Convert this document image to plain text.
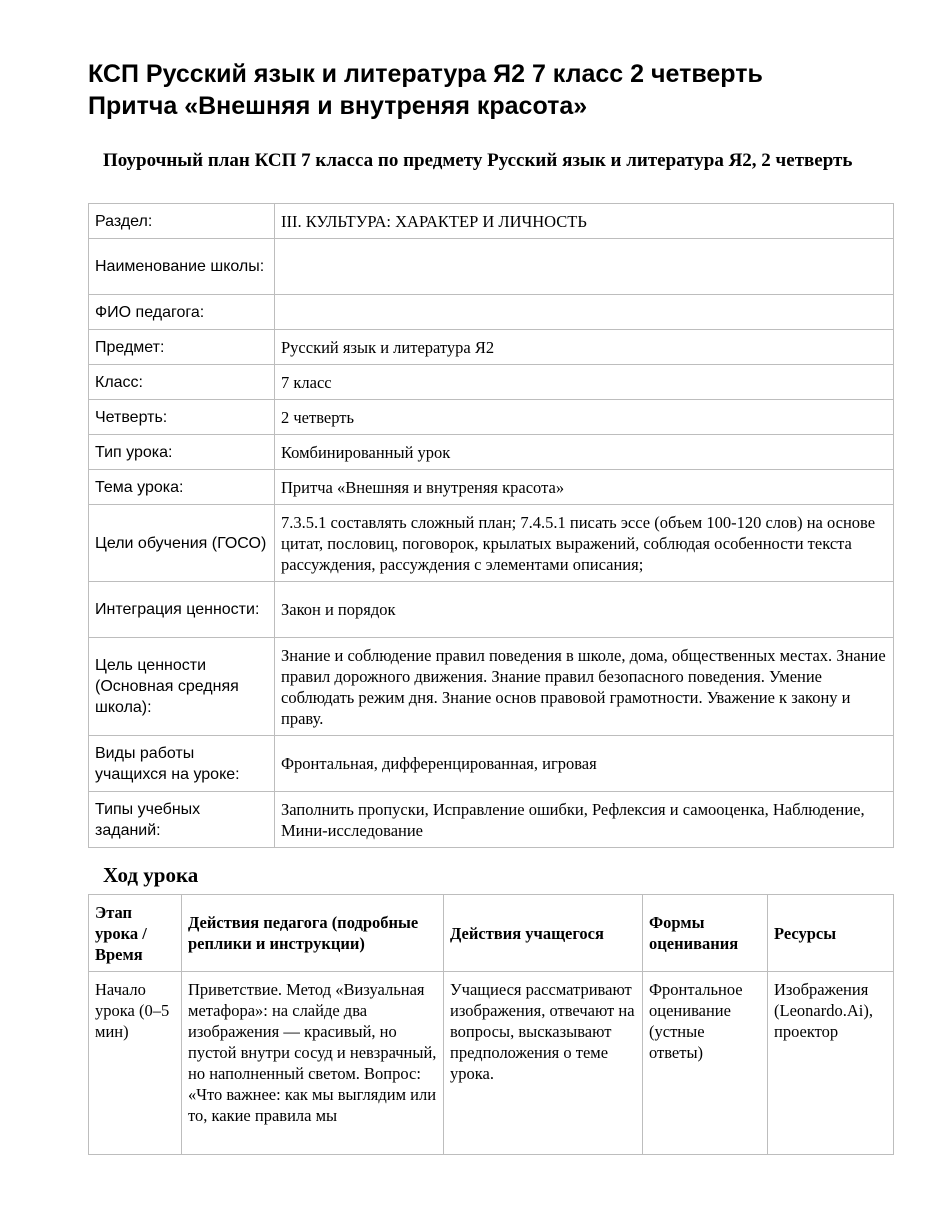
КСП Русский язык и литература Я2 7 класс 2 четверть
Притча «Внешняя и внутреняя красота»
Поурочный план КСП 7 класса по предмету Русский язык и литература Я2, 2 четверть
Раздел:	III. КУЛЬТУРА: ХАРАКТЕР И ЛИЧНОСТЬ
Наименование школы:	
ФИО педагога:	
Предмет:	Русский язык и литература Я2
Класс:	7 класс
Четверть:	2 четверть
Тип урока:	Комбинированный урок
Тема урока:	Притча «Внешняя и внутреняя красота»
Цели обучения (ГОСО)	7.3.5.1 составлять сложный план; 7.4.5.1 писать эссе (объем 100-120 слов) на основе цитат, пословиц, поговорок, крылатых выражений, соблюдая особенности текста рассуждения, рассуждения с элементами описания;
Интеграция ценности:	Закон и порядок
Цель ценности (Основная средняя школа):	Знание и соблюдение правил поведения в школе, дома, общественных местах. Знание правил дорожного движения. Знание правил безопасного поведения. Умение соблюдать режим дня. Знание основ правовой грамотности. Уважение к закону и праву.
Виды работы учащихся на уроке:	Фронтальная, дифференцированная, игровая
Типы учебных заданий:	Заполнить пропуски, Исправление ошибки, Рефлексия и самооценка, Наблюдение, Мини-исследование
Ход урока
Этап урока / Время	Действия педагога (подробные реплики и инструкции)	Действия учащегося	Формы оценивания	Ресурсы

Начало урока (0–5 мин)	Приветствие. Метод «Визуальная метафора»: на слайде два изображения — красивый, но пустой внутри сосуд и невзрачный, но наполненный светом. Вопрос: «Что важнее: как мы выглядим или то, какие правила мы	Учащиеся рассматривают изображения, отвечают на вопросы, высказывают предположения о теме урока.	Фронтальное оценивание (устные ответы)	Изображения (Leonardo.Ai), проектор
